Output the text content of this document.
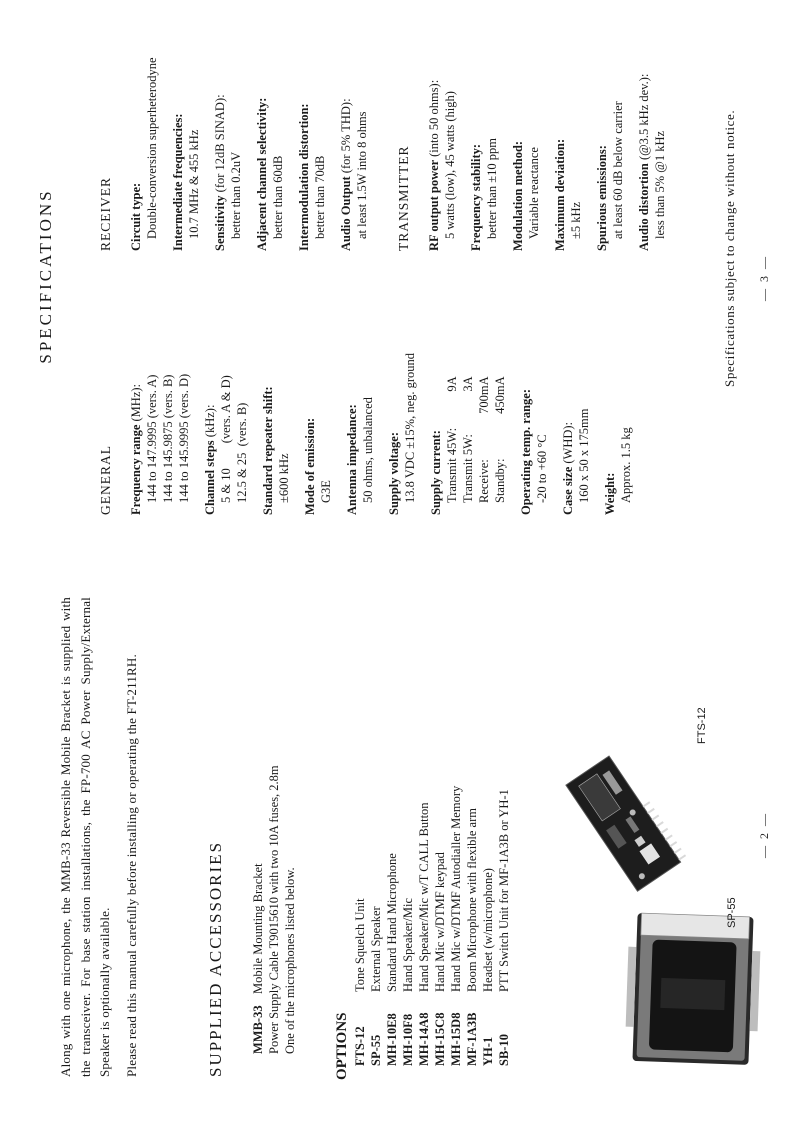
Along with one microphone, the MMB-33 Reversible Mobile Bracket is supplied with the transceiver. For base station installations, the FP-700 AC Power Supply/External Speaker is optionally available. Please read this manual carefully before installing or operating the FT-211RH.	SUPPLIED ACCESSORIES MMB-33Mobile Mounting Bracket Power Supply Cable T9015610 with two 10A fuses, 2.8m One of the microphones listed below. OPTIONS FTS-12
Tone Squelch Unit
SP-55
External Speaker
MH-10E8
Standard Hand Microphone
MH-10F8
Hand Speaker/Mic
MH-14A8
Hand Speaker/Mic w/T CALL Button
MH-15C8
Hand Mic w/DTMF keypad
MH-15D8
Hand Mic w/DTMF Autodialler Memory
MF-1A3B
Boom Microphone with flexible arm
YH-1
Headset (w/microphone)
SB-10
PTT Switch Unit for MF-1A3B or YH-1
FTS-12
SP-55
— 2 —
SPECIFICATIONS
GENERAL Frequency range (MHz): 144 to 147.9995 (vers. A) 144 to 145.9875 (vers. B) 144 to 145.9995 (vers. D) Channel steps (kHz): 5 & 10        (vers. A & D) 12.5 & 25  (vers. B) Standard repeater shift: ±600 kHz Mode of emission: G3E Antenna impedance: 50 ohms, unbalanced Supply voltage: 13.8 VDC ±15%, neg. ground Supply current: Transmit 45W:
9A
Transmit 5W:
3A
Receive:
700mA
Standby:
450mA Operating temp. range: -20 to +60 °C Case size (WHD): 160 x 50 x 175mm Weight: Approx. 1.5 kg
RECEIVER Circuit type: Double-conversion superheterodyne Intermediate frequencies: 10.7 MHz & 455 kHz Sensitivity (for 12dB SINAD):
better than 0.2uV Adjacent channel selectivity: better than 60dB Intermodulation distortion: better than 70dB Audio Output (for 5% THD): at least 1.5W into 8 ohms TRANSMITTER RF output power (into 50 ohms): 5 watts (low), 45 watts (high) Frequency stability: better than ±10 ppm Modulation method: Variable reactance Maximum deviation: ±5 kHz Spurious emissions: at least 60 dB below carrier Audio distortion (@3.5 kHz dev.):
less than 5% @1 kHz	Specifications subject to change without notice. — 3 —
